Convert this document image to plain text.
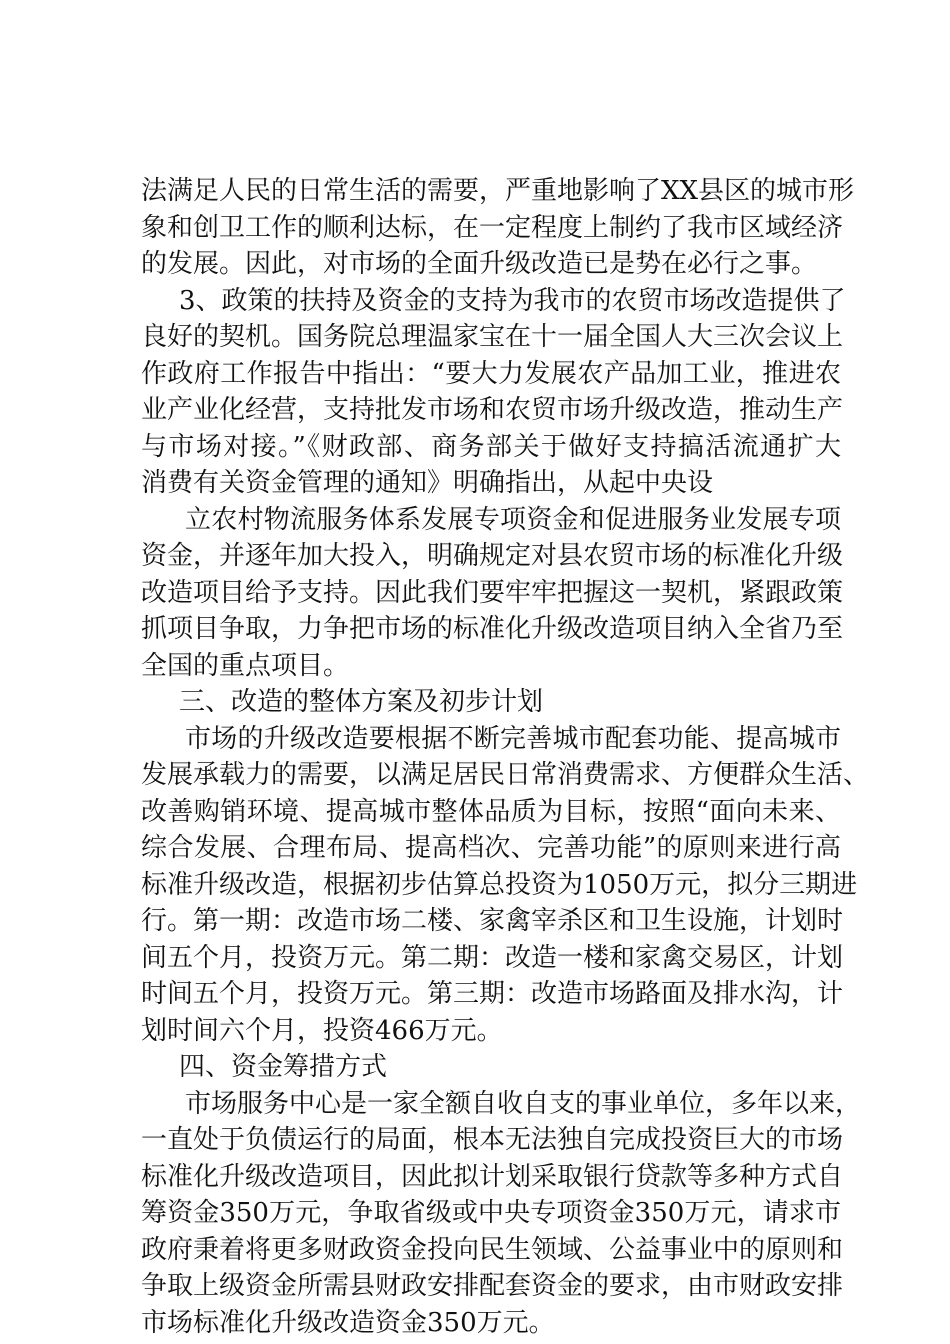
法满足人民的日常生活的需要，严重地影响了XX县区的城市形
象和创卫工作的顺利达标，在一定程度上制约了我市区域经济
的发展。因此，对市场的全面升级改造已是势在必行之事。
3、政策的扶持及资金的支持为我市的农贸市场改造提供了
良好的契机。国务院总理温家宝在十一届全国人大三次会议上
作政府工作报告中指出：“要大力发展农产品加工业，推进农
业产业化经营，支持批发市场和农贸市场升级改造，推动生产
与市场对接。”《财政部、商务部关于做好支持搞活流通扩大
消费有关资金管理的通知》明确指出，从起中央设
立农村物流服务体系发展专项资金和促进服务业发展专项
资金，并逐年加大投入，明确规定对县农贸市场的标准化升级
改造项目给予支持。因此我们要牢牢把握这一契机，紧跟政策
抓项目争取，力争把市场的标准化升级改造项目纳入全省乃至
全国的重点项目。
三、改造的整体方案及初步计划
市场的升级改造要根据不断完善城市配套功能、提高城市
发展承载力的需要，以满足居民日常消费需求、方便群众生活、
改善购销环境、提高城市整体品质为目标，按照“面向未来、
综合发展、合理布局、提高档次、完善功能”的原则来进行高
标准升级改造，根据初步估算总投资为1050万元，拟分三期进
行。第一期：改造市场二楼、家禽宰杀区和卫生设施，计划时
间五个月，投资万元。第二期：改造一楼和家禽交易区，计划
时间五个月，投资万元。第三期：改造市场路面及排水沟，计
划时间六个月，投资466万元。
四、资金筹措方式
市场服务中心是一家全额自收自支的事业单位，多年以来，
一直处于负债运行的局面，根本无法独自完成投资巨大的市场
标准化升级改造项目，因此拟计划采取银行贷款等多种方式自
筹资金350万元，争取省级或中央专项资金350万元，请求市
政府秉着将更多财政资金投向民生领域、公益事业中的原则和
争取上级资金所需县财政安排配套资金的要求，由市财政安排
市场标准化升级改造资金350万元。
